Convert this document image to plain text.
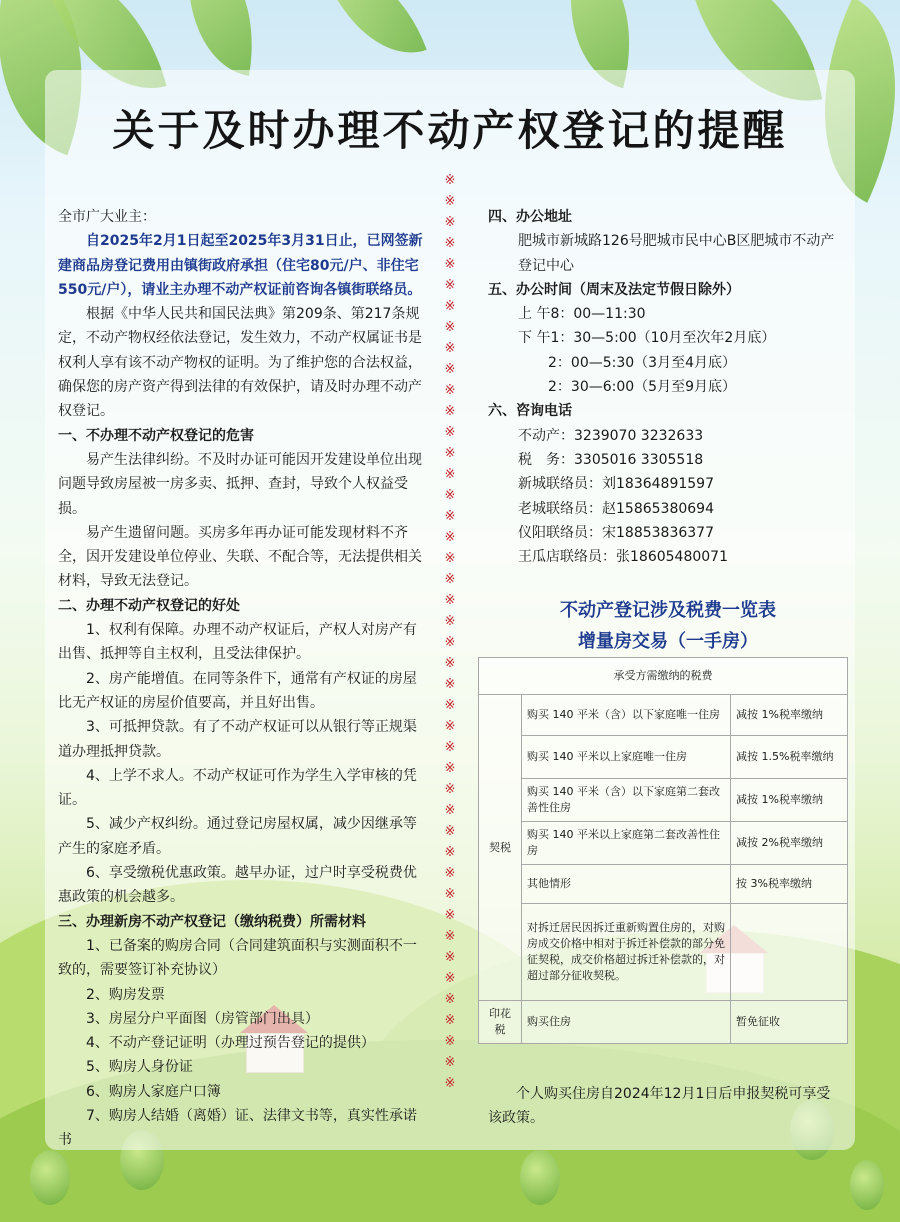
关于及时办理不动产权登记的提醒
※
※
※
※
※
※
※
※
※
※
※
※
※
※
※
※
※
※
※
※
※
※
※
※
※
※
※
※
※
※
※
※
※
※
※
※
※
※
※
※
※
※
※
※

全市广大业主：

自2025年2月1日起至2025年3月31日止，已网签新建商品房登记费用由镇街政府承担（住宅80元/户、非住宅550元/户），请业主办理不动产权证前咨询各镇街联络员。

根据《中华人民共和国民法典》第209条、第217条规定，不动产物权经依法登记，发生效力，不动产权属证书是权利人享有该不动产物权的证明。为了维护您的合法权益，确保您的房产资产得到法律的有效保护，请及时办理不动产权登记。

一、不办理不动产权登记的危害

易产生法律纠纷。不及时办证可能因开发建设单位出现问题导致房屋被一房多卖、抵押、查封，导致个人权益受损。

易产生遗留问题。买房多年再办证可能发现材料不齐全，因开发建设单位停业、失联、不配合等，无法提供相关材料，导致无法登记。

二、办理不动产权登记的好处

1、权利有保障。办理不动产权证后，产权人对房产有出售、抵押等自主权利，且受法律保护。

2、房产能增值。在同等条件下，通常有产权证的房屋比无产权证的房屋价值要高，并且好出售。

3、可抵押贷款。有了不动产权证可以从银行等正规渠道办理抵押贷款。

4、上学不求人。不动产权证可作为学生入学审核的凭证。

5、减少产权纠纷。通过登记房屋权属，减少因继承等产生的家庭矛盾。

6、享受缴税优惠政策。越早办证，过户时享受税费优惠政策的机会越多。

三、办理新房不动产权登记（缴纳税费）所需材料

1、已备案的购房合同（合同建筑面积与实测面积不一致的，需要签订补充协议）

2、购房发票

3、房屋分户平面图（房管部门出具）

4、不动产登记证明（办理过预告登记的提供）

5、购房人身份证

6、购房人家庭户口簿

7、购房人结婚（离婚）证、法律文书等，真实性承诺书

四、办公地址

肥城市新城路126号肥城市民中心B区肥城市不动产登记中心

五、办公时间（周末及法定节假日除外）

上 午8：00—11:30

下 午1：30—5:00（10月至次年2月底）

2：00—5:30（3月至4月底）

2：30—6:00（5月至9月底）

六、咨询电话

不动产：3239070 3232633

税　务：3305016 3305518

新城联络员：刘18364891597

老城联络员：赵15865380694

仪阳联络员：宋18853836377

王瓜店联络员：张18605480071

不动产登记涉及税费一览表

增量房交易（一手房）

承受方需缴纳的税费		
契税	购买 140 平米（含）以下家庭唯一住房	减按 1%税率缴纳
	购买 140 平米以上家庭唯一住房	减按 1.5%税率缴纳
	购买 140 平米（含）以下家庭第二套改善性住房	减按 1%税率缴纳
	购买 140 平米以上家庭第二套改善性住房	减按 2%税率缴纳
	其他情形	按 3%税率缴纳
	对拆迁居民因拆迁重新购置住房的，对购房成交价格中相对于拆迁补偿款的部分免征契税，成交价格超过拆迁补偿款的，对超过部分征收契税。	
印花税	购买住房	暂免征收

个人购买住房自2024年12月1日后申报契税可享受该政策。
